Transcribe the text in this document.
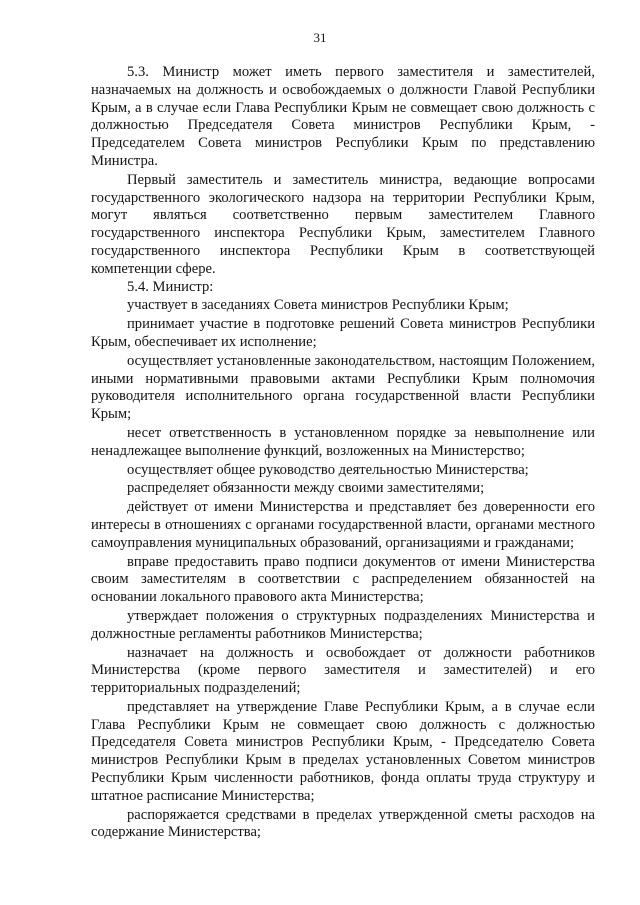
31

5.3. Министр может иметь первого заместителя и заместителей, назначаемых на должность и освобождаемых о должности Главой Республики Крым, а в случае если Глава Республики Крым не совмещает свою должность с должностью Председателя Совета министров Республики Крым, - Председателем Совета министров Республики Крым по представлению Министра.

Первый заместитель и заместитель министра, ведающие вопросами государственного экологического надзора на территории Республики Крым, могут являться соответственно первым заместителем Главного государственного инспектора Республики Крым, заместителем Главного государственного инспектора Республики Крым в соответствующей компетенции сфере.

5.4. Министр:

участвует в заседаниях Совета министров Республики Крым;

принимает участие в подготовке решений Совета министров Республики Крым, обеспечивает их исполнение;

осуществляет установленные законодательством, настоящим Положением, иными нормативными правовыми актами Республики Крым полномочия руководителя исполнительного органа государственной власти Республики Крым;

несет ответственность в установленном порядке за невыполнение или ненадлежащее выполнение функций, возложенных на Министерство;

осуществляет общее руководство деятельностью Министерства;

распределяет обязанности между своими заместителями;

действует от имени Министерства и представляет без доверенности его интересы в отношениях с органами государственной власти, органами местного самоуправления муниципальных образований, организациями и гражданами;

вправе предоставить право подписи документов от имени Министерства своим заместителям в соответствии с распределением обязанностей на основании локального правового акта Министерства;

утверждает положения о структурных подразделениях Министерства и должностные регламенты работников Министерства;

назначает на должность и освобождает от должности работников Министерства (кроме первого заместителя и заместителей) и его территориальных подразделений;

представляет на утверждение Главе Республики Крым, а в случае если Глава Республики Крым не совмещает свою должность с должностью Председателя Совета министров Республики Крым, - Председателю Совета министров Республики Крым в пределах установленных Советом министров Республики Крым численности работников, фонда оплаты труда структуру и штатное расписание Министерства;

распоряжается средствами в пределах утвержденной сметы расходов на содержание Министерства;
